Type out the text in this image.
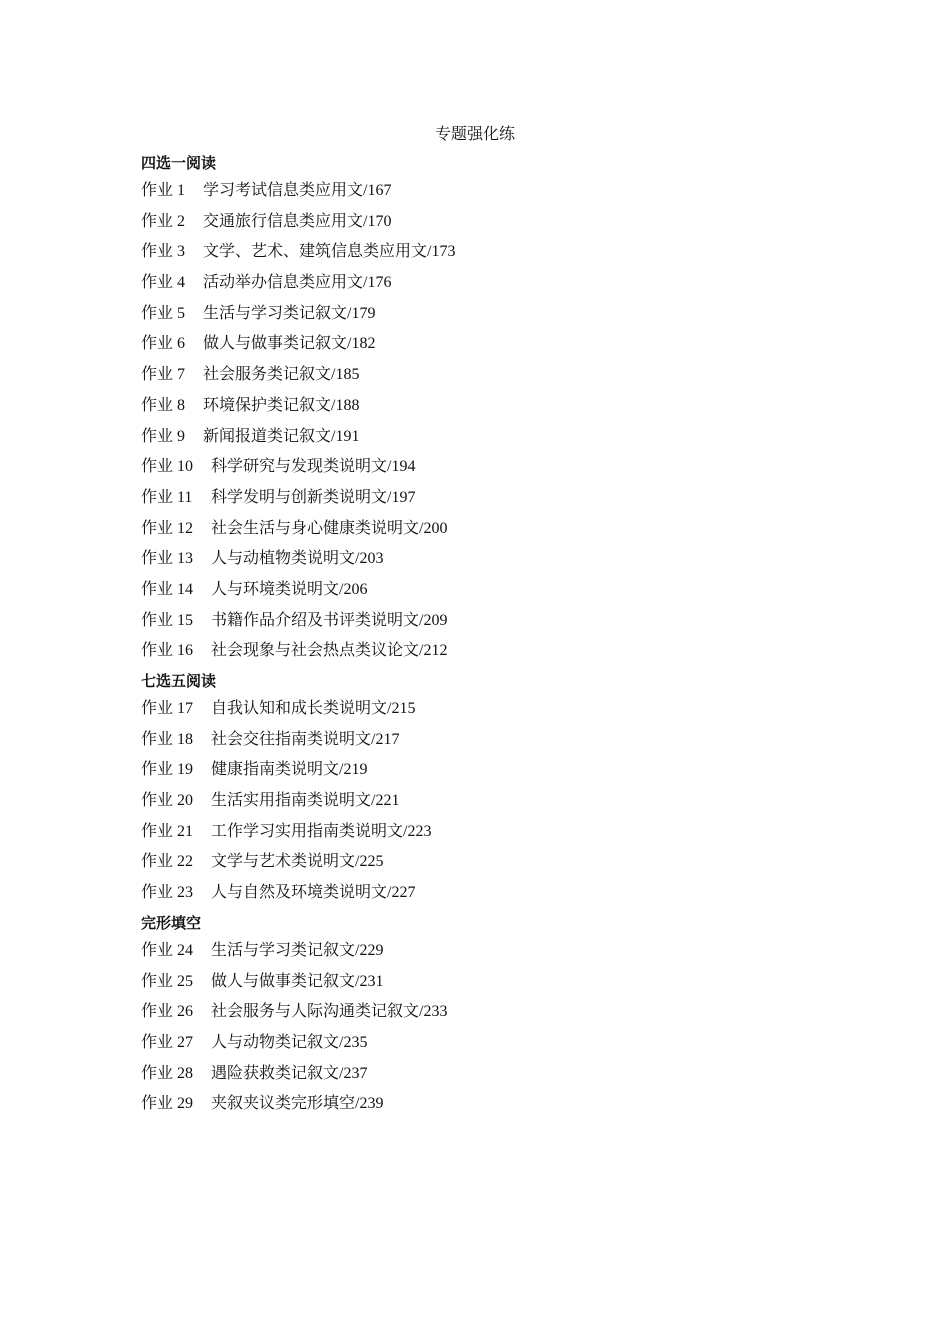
专题强化练
四选一阅读
作业 1 学习考试信息类应用文/167
作业 2 交通旅行信息类应用文/170
作业 3 文学、艺术、建筑信息类应用文/173
作业 4 活动举办信息类应用文/176
作业 5 生活与学习类记叙文/179
作业 6 做人与做事类记叙文/182
作业 7 社会服务类记叙文/185
作业 8 环境保护类记叙文/188
作业 9 新闻报道类记叙文/191
作业 10 科学研究与发现类说明文/194
作业 11 科学发明与创新类说明文/197
作业 12 社会生活与身心健康类说明文/200
作业 13 人与动植物类说明文/203
作业 14 人与环境类说明文/206
作业 15 书籍作品介绍及书评类说明文/209
作业 16 社会现象与社会热点类议论文/212
七选五阅读
作业 17 自我认知和成长类说明文/215
作业 18 社会交往指南类说明文/217
作业 19 健康指南类说明文/219
作业 20 生活实用指南类说明文/221
作业 21 工作学习实用指南类说明文/223
作业 22 文学与艺术类说明文/225
作业 23 人与自然及环境类说明文/227
完形填空
作业 24 生活与学习类记叙文/229
作业 25 做人与做事类记叙文/231
作业 26 社会服务与人际沟通类记叙文/233
作业 27 人与动物类记叙文/235
作业 28 遇险获救类记叙文/237
作业 29 夹叙夹议类完形填空/239
